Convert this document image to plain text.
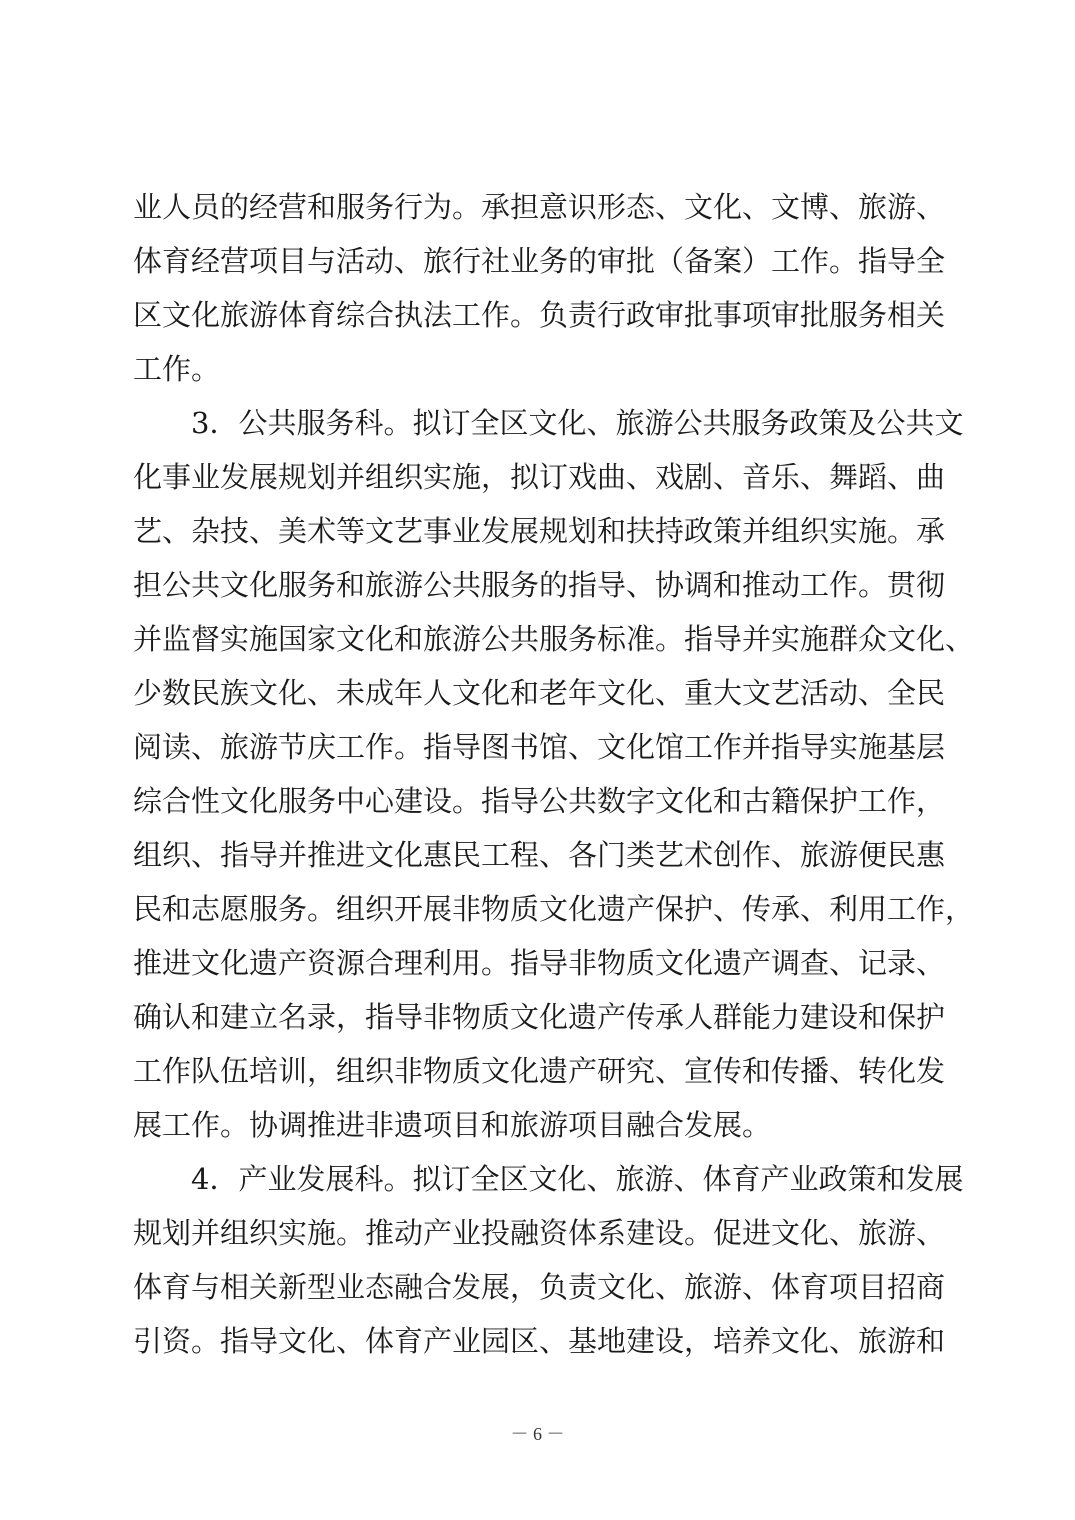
业人员的经营和服务行为。承担意识形态、文化、文博、旅游、
体育经营项目与活动、旅行社业务的审批（备案）工作。指导全
区文化旅游体育综合执法工作。负责行政审批事项审批服务相关
工作。
3．公共服务科。拟订全区文化、旅游公共服务政策及公共文
化事业发展规划并组织实施，拟订戏曲、戏剧、音乐、舞蹈、曲
艺、杂技、美术等文艺事业发展规划和扶持政策并组织实施。承
担公共文化服务和旅游公共服务的指导、协调和推动工作。贯彻
并监督实施国家文化和旅游公共服务标准。指导并实施群众文化、
少数民族文化、未成年人文化和老年文化、重大文艺活动、全民
阅读、旅游节庆工作。指导图书馆、文化馆工作并指导实施基层
综合性文化服务中心建设。指导公共数字文化和古籍保护工作，
组织、指导并推进文化惠民工程、各门类艺术创作、旅游便民惠
民和志愿服务。组织开展非物质文化遗产保护、传承、利用工作，
推进文化遗产资源合理利用。指导非物质文化遗产调查、记录、
确认和建立名录，指导非物质文化遗产传承人群能力建设和保护
工作队伍培训，组织非物质文化遗产研究、宣传和传播、转化发
展工作。协调推进非遗项目和旅游项目融合发展。
4．产业发展科。拟订全区文化、旅游、体育产业政策和发展
规划并组织实施。推动产业投融资体系建设。促进文化、旅游、
体育与相关新型业态融合发展，负责文化、旅游、体育项目招商
引资。指导文化、体育产业园区、基地建设，培养文化、旅游和
－ 6 －
